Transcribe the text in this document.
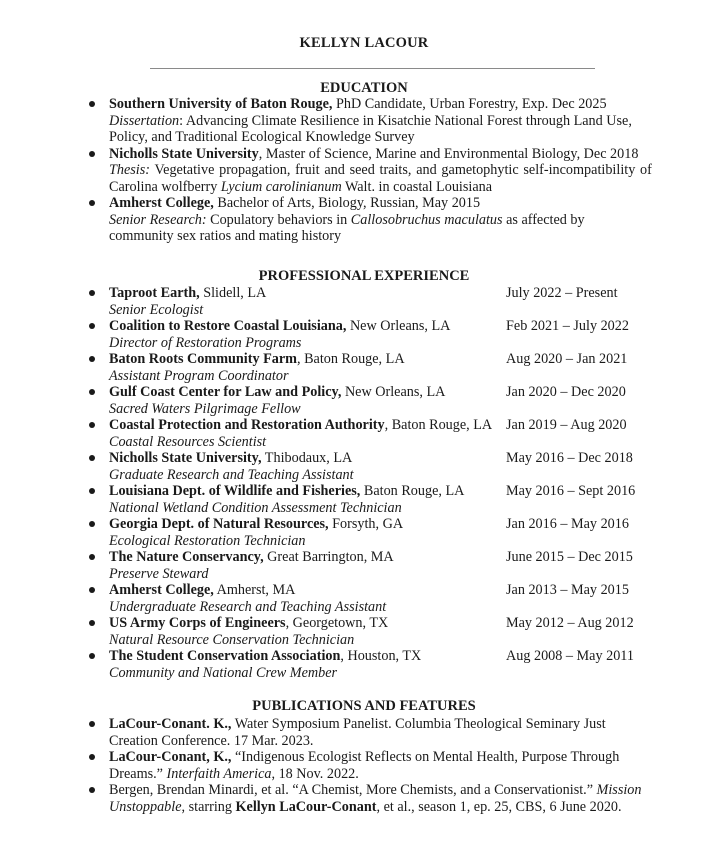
KELLYN LACOUR
EDUCATION
Southern University of Baton Rouge, PhD Candidate, Urban Forestry, Exp. Dec 2025
Dissertation: Advancing Climate Resilience in Kisatchie National Forest through Land Use,
Policy, and Traditional Ecological Knowledge Survey
Nicholls State University, Master of Science, Marine and Environmental Biology, Dec 2018
Thesis: Vegetative propagation, fruit and seed traits, and gametophytic self-incompatibility of
Carolina wolfberry Lycium carolinianum Walt. in coastal Louisiana
Amherst College, Bachelor of Arts, Biology, Russian, May 2015
Senior Research: Copulatory behaviors in Callosobruchus maculatus as affected by
community sex ratios and mating history
PROFESSIONAL EXPERIENCE
Taproot Earth, Slidell, LA
Senior Ecologist
July 2022 – Present
Coalition to Restore Coastal Louisiana, New Orleans, LA
Director of Restoration Programs
Feb 2021 – July 2022
Baton Roots Community Farm, Baton Rouge, LA
Assistant Program Coordinator
Aug 2020 – Jan 2021
Gulf Coast Center for Law and Policy, New Orleans, LA
Sacred Waters Pilgrimage Fellow
Jan 2020 – Dec 2020
Coastal Protection and Restoration Authority, Baton Rouge, LA
Coastal Resources Scientist
Jan 2019 – Aug 2020
Nicholls State University, Thibodaux, LA
Graduate Research and Teaching Assistant
May 2016 – Dec 2018
Louisiana Dept. of Wildlife and Fisheries, Baton Rouge, LA
National Wetland Condition Assessment Technician
May 2016 – Sept 2016
Georgia Dept. of Natural Resources, Forsyth, GA
Ecological Restoration Technician
Jan 2016 – May 2016
The Nature Conservancy, Great Barrington, MA
Preserve Steward
June 2015 – Dec 2015
Amherst College, Amherst, MA
Undergraduate Research and Teaching Assistant
Jan 2013 – May 2015
US Army Corps of Engineers, Georgetown, TX
Natural Resource Conservation Technician
May 2012 – Aug 2012
The Student Conservation Association, Houston, TX
Community and National Crew Member
Aug 2008 – May 2011
PUBLICATIONS AND FEATURES
LaCour-Conant. K., Water Symposium Panelist. Columbia Theological Seminary Just
Creation Conference. 17 Mar. 2023.
LaCour-Conant, K., “Indigenous Ecologist Reflects on Mental Health, Purpose Through
Dreams.” Interfaith America, 18 Nov. 2022.
Bergen, Brendan Minardi, et al. “A Chemist, More Chemists, and a Conservationist.” Mission
Unstoppable, starring Kellyn LaCour-Conant, et al., season 1, ep. 25, CBS, 6 June 2020.
